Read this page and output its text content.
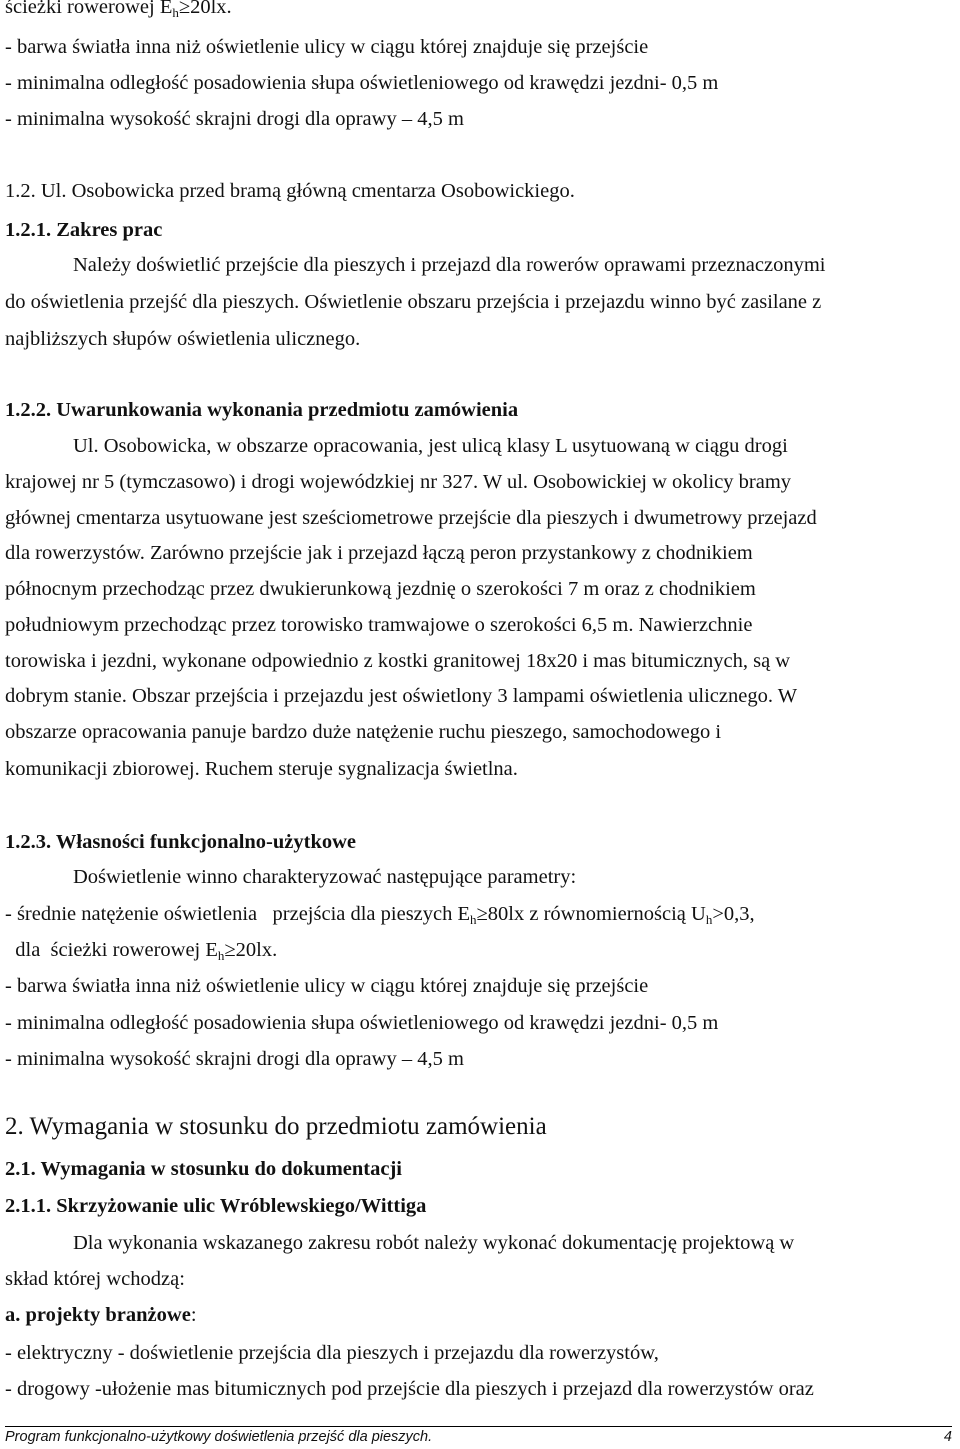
ścieżki rowerowej $E_h\ge 20lx$.
- barwa światła inna niż oświetlenie ulicy w ciągu której znajduje się przejście
- minimalna odległość posadowienia słupa oświetleniowego od krawędzi jezdni- 0,5 m
- minimalna wysokość skrajni drogi dla oprawy – 4,5 m
1.2. Ul. Osobowicka przed bramą główną cmentarza Osobowickiego.
1.2.1. Zakres prac
Należy doświetlić przejście dla pieszych i przejazd dla rowerów oprawami przeznaczonymi
do oświetlenia przejść dla pieszych. Oświetlenie obszaru przejścia i przejazdu winno być zasilane z
najbliższych słupów oświetlenia ulicznego.
1.2.2. Uwarunkowania wykonania przedmiotu zamówienia
Ul. Osobowicka, w obszarze opracowania, jest ulicą klasy L usytuowaną w ciągu drogi
krajowej nr 5 (tymczasowo) i drogi wojewódzkiej nr 327. W ul. Osobowickiej w okolicy bramy
głównej cmentarza usytuowane jest sześciometrowe przejście dla pieszych i dwumetrowy przejazd
dla rowerzystów. Zarówno przejście jak i przejazd łączą peron przystankowy z chodnikiem
północnym przechodząc przez dwukierunkową jezdnię o szerokości 7 m oraz z chodnikiem
południowym przechodząc przez torowisko tramwajowe o szerokości 6,5 m. Nawierzchnie
torowiska i jezdni, wykonane odpowiednio z kostki granitowej 18x20 i mas bitumicznych, są w
dobrym stanie. Obszar przejścia i przejazdu jest oświetlony 3 lampami oświetlenia ulicznego. W
obszarze opracowania panuje bardzo duże natężenie ruchu pieszego, samochodowego i
komunikacji zbiorowej. Ruchem steruje sygnalizacja świetlna.
1.2.3. Własności funkcjonalno-użytkowe
Doświetlenie winno charakteryzować następujące parametry:
- średnie natężenie oświetlenia   przejścia dla pieszych $E_h\ge 80lx$ z równomiernością $U_h>0,3$,
dla  ścieżki rowerowej $E_h\ge 20lx$.
- barwa światła inna niż oświetlenie ulicy w ciągu której znajduje się przejście
- minimalna odległość posadowienia słupa oświetleniowego od krawędzi jezdni- 0,5 m
- minimalna wysokość skrajni drogi dla oprawy – 4,5 m
2. Wymagania w stosunku do przedmiotu zamówienia
2.1. Wymagania w stosunku do dokumentacji
2.1.1. Skrzyżowanie ulic Wróblewskiego/Wittiga
Dla wykonania wskazanego zakresu robót należy wykonać dokumentację projektową w
skład której wchodzą:
a. projekty branżowe:
- elektryczny - doświetlenie przejścia dla pieszych i przejazdu dla rowerzystów,
- drogowy -ułożenie mas bitumicznych pod przejście dla pieszych i przejazd dla rowerzystów oraz
Program funkcjonalno-użytkowy doświetlenia przejść dla pieszych.	4
